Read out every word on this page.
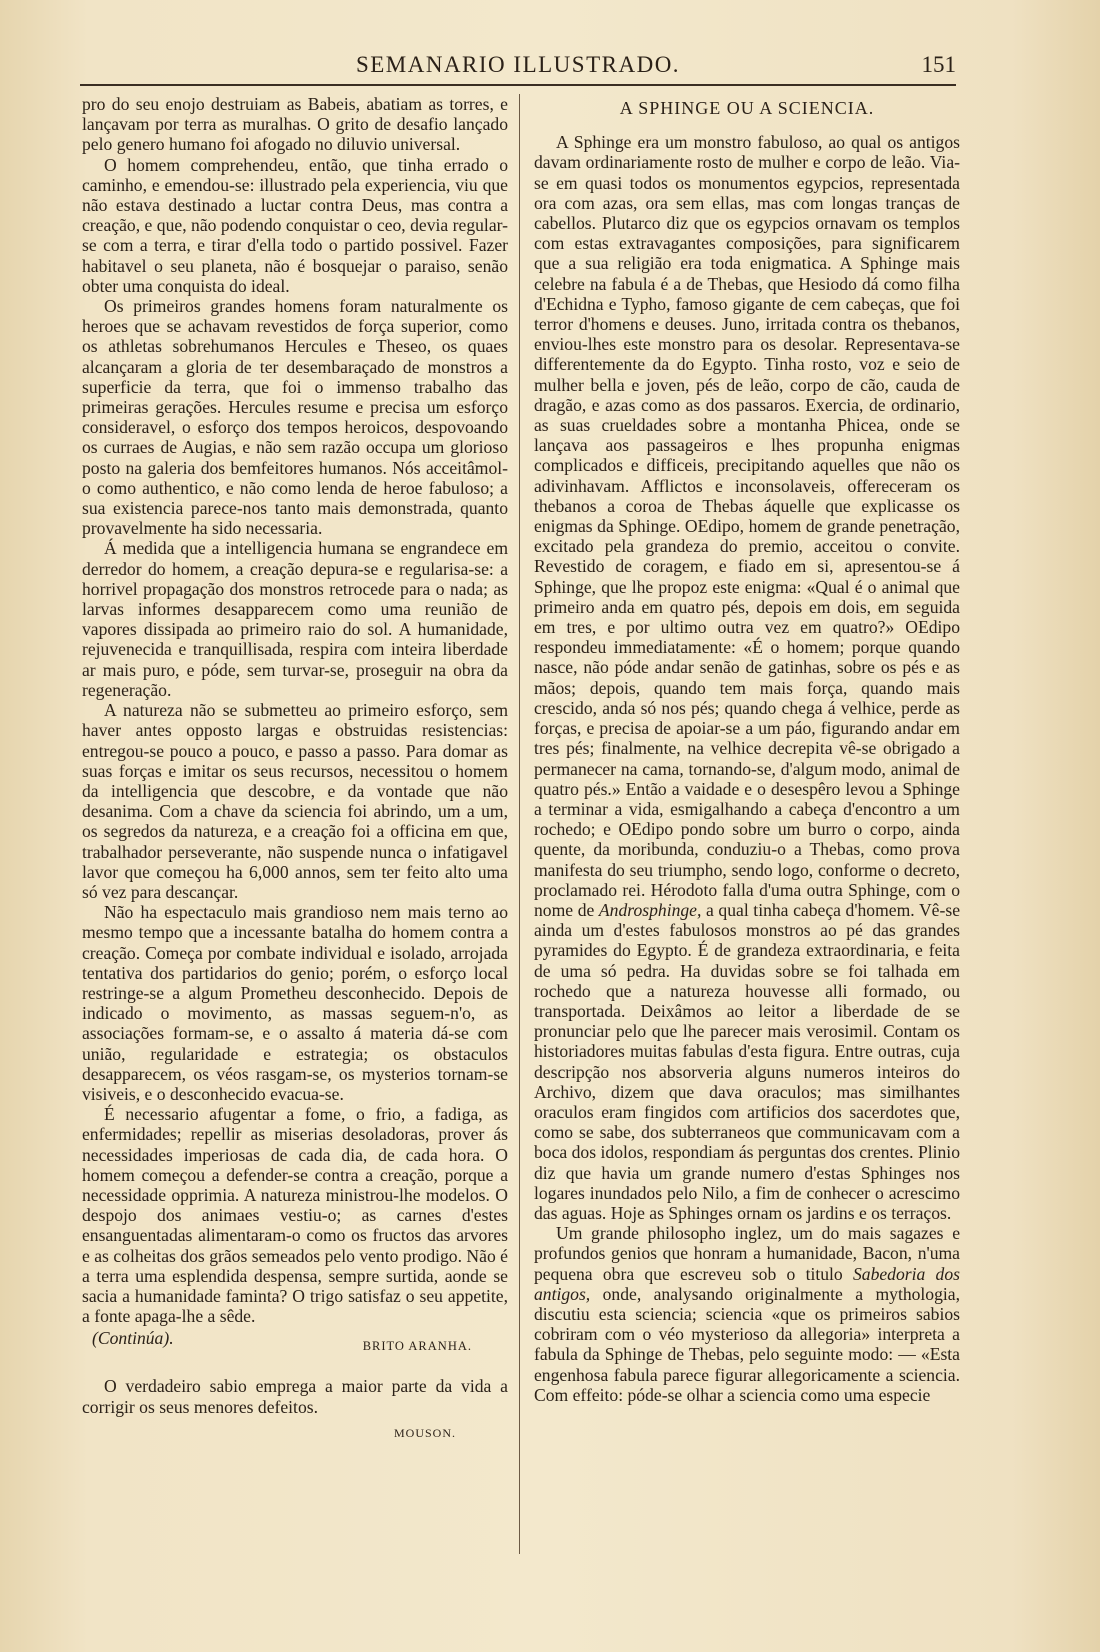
SEMANARIO ILLUSTRADO.	151

pro do seu enojo destruiam as Babeis, abatiam as torres, e lançavam por terra as muralhas. O grito de desafio lançado pelo genero humano foi afogado no diluvio universal.

O homem comprehendeu, então, que tinha errado o caminho, e emendou-se: illustrado pela experiencia, viu que não estava destinado a luctar contra Deus, mas contra a creação, e que, não podendo conquistar o ceo, devia regular-se com a terra, e tirar d'ella todo o partido possivel. Fazer habitavel o seu planeta, não é bosquejar o paraiso, senão obter uma conquista do ideal.

Os primeiros grandes homens foram naturalmente os heroes que se achavam revestidos de força superior, como os athletas sobrehumanos Hercules e Theseo, os quaes alcançaram a gloria de ter desembaraçado de monstros a superficie da terra, que foi o immenso trabalho das primeiras gerações. Hercules resume e precisa um esforço consideravel, o esforço dos tempos heroicos, despovoando os curraes de Augias, e não sem razão occupa um glorioso posto na galeria dos bemfeitores humanos. Nós acceitâmol-o como authentico, e não como lenda de heroe fabuloso; a sua existencia parece-nos tanto mais demonstrada, quanto provavelmente ha sido necessaria.

Á medida que a intelligencia humana se engrandece em derredor do homem, a creação depura-se e regularisa-se: a horrivel propagação dos monstros retrocede para o nada; as larvas informes desapparecem como uma reunião de vapores dissipada ao primeiro raio do sol. A humanidade, rejuvenecida e tranquillisada, respira com inteira liberdade ar mais puro, e póde, sem turvar-se, proseguir na obra da regeneração.

A natureza não se submetteu ao primeiro esforço, sem haver antes opposto largas e obstruidas resistencias: entregou-se pouco a pouco, e passo a passo. Para domar as suas forças e imitar os seus recursos, necessitou o homem da intelligencia que descobre, e da vontade que não desanima. Com a chave da sciencia foi abrindo, um a um, os segredos da natureza, e a creação foi a officina em que, trabalhador perseverante, não suspende nunca o infatigavel lavor que começou ha 6,000 annos, sem ter feito alto uma só vez para descançar.

Não ha espectaculo mais grandioso nem mais terno ao mesmo tempo que a incessante batalha do homem contra a creação. Começa por combate individual e isolado, arrojada tentativa dos partidarios do genio; porém, o esforço local restringe-se a algum Prometheu desconhecido. Depois de indicado o movimento, as massas seguem-n'o, as associações formam-se, e o assalto á materia dá-se com união, regularidade e estrategia; os obstaculos desapparecem, os véos rasgam-se, os mysterios tornam-se visiveis, e o desconhecido evacua-se.

É necessario afugentar a fome, o frio, a fadiga, as enfermidades; repellir as miserias desoladoras, prover ás necessidades imperiosas de cada dia, de cada hora. O homem começou a defender-se contra a creação, porque a necessidade opprimia. A natureza ministrou-lhe modelos. O despojo dos animaes vestiu-o; as carnes d'estes ensanguentadas alimentaram-o como os fructos das arvores e as colheitas dos grãos semeados pelo vento prodigo. Não é a terra uma esplendida despensa, sempre surtida, aonde se sacia a humanidade faminta? O trigo satisfaz o seu appetite, a fonte apaga-lhe a sêde.

(Continúa).	BRITO ARANHA.

O verdadeiro sabio emprega a maior parte da vida a corrigir os seus menores defeitos.

MOUSON.
A SPHINGE OU A SCIENCIA.

A Sphinge era um monstro fabuloso, ao qual os antigos davam ordinariamente rosto de mulher e corpo de leão. Via-se em quasi todos os monumentos egypcios, representada ora com azas, ora sem ellas, mas com longas tranças de cabellos. Plutarco diz que os egypcios ornavam os templos com estas extravagantes composições, para significarem que a sua religião era toda enigmatica. A Sphinge mais celebre na fabula é a de Thebas, que Hesiodo dá como filha d'Echidna e Typho, famoso gigante de cem cabeças, que foi terror d'homens e deuses. Juno, irritada contra os thebanos, enviou-lhes este monstro para os desolar. Representava-se differentemente da do Egypto. Tinha rosto, voz e seio de mulher bella e joven, pés de leão, corpo de cão, cauda de dragão, e azas como as dos passaros. Exercia, de ordinario, as suas crueldades sobre a montanha Phicea, onde se lançava aos passageiros e lhes propunha enigmas complicados e difficeis, precipitando aquelles que não os adivinhavam. Afflictos e inconsolaveis, offereceram os thebanos a coroa de Thebas áquelle que explicasse os enigmas da Sphinge. OEdipo, homem de grande penetração, excitado pela grandeza do premio, acceitou o convite. Revestido de coragem, e fiado em si, apresentou-se á Sphinge, que lhe propoz este enigma: «Qual é o animal que primeiro anda em quatro pés, depois em dois, em seguida em tres, e por ultimo outra vez em quatro?» OEdipo respondeu immediatamente: «É o homem; porque quando nasce, não póde andar senão de gatinhas, sobre os pés e as mãos; depois, quando tem mais força, quando mais crescido, anda só nos pés; quando chega á velhice, perde as forças, e precisa de apoiar-se a um páo, figurando andar em tres pés; finalmente, na velhice decrepita vê-se obrigado a permanecer na cama, tornando-se, d'algum modo, animal de quatro pés.» Então a vaidade e o desespêro levou a Sphinge a terminar a vida, esmigalhando a cabeça d'encontro a um rochedo; e OEdipo pondo sobre um burro o corpo, ainda quente, da moribunda, conduziu-o a Thebas, como prova manifesta do seu triumpho, sendo logo, conforme o decreto, proclamado rei. Hérodoto falla d'uma outra Sphinge, com o nome de Androsphinge, a qual tinha cabeça d'homem. Vê-se ainda um d'estes fabulosos monstros ao pé das grandes pyramides do Egypto. É de grandeza extraordinaria, e feita de uma só pedra. Ha duvidas sobre se foi talhada em rochedo que a natureza houvesse alli formado, ou transportada. Deixâmos ao leitor a liberdade de se pronunciar pelo que lhe parecer mais verosimil. Contam os historiadores muitas fabulas d'esta figura. Entre outras, cuja descripção nos absorveria alguns numeros inteiros do Archivo, dizem que dava oraculos; mas similhantes oraculos eram fingidos com artificios dos sacerdotes que, como se sabe, dos subterraneos que communicavam com a boca dos idolos, respondiam ás perguntas dos crentes. Plinio diz que havia um grande numero d'estas Sphinges nos logares inundados pelo Nilo, a fim de conhecer o acrescimo das aguas. Hoje as Sphinges ornam os jardins e os terraços.

Um grande philosopho inglez, um do mais sagazes e profundos genios que honram a humanidade, Bacon, n'uma pequena obra que escreveu sob o titulo Sabedoria dos antigos, onde, analysando originalmente a mythologia, discutiu esta sciencia; sciencia «que os primeiros sabios cobriram com o véo mysterioso da allegoria» interpreta a fabula da Sphinge de Thebas, pelo seguinte modo: — «Esta engenhosa fabula parece figurar allegoricamente a sciencia. Com effeito: póde-se olhar a sciencia como uma especie
